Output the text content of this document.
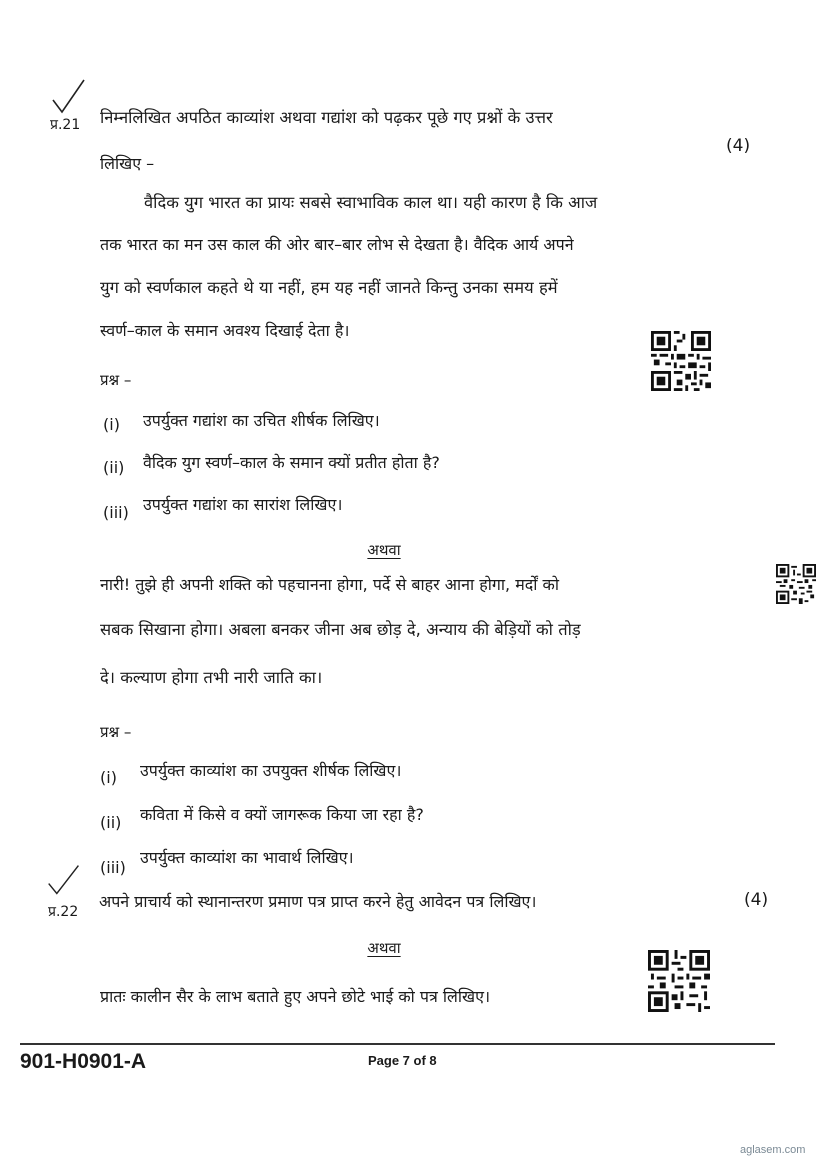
प्र.21 निम्नलिखित अपठित काव्यांश अथवा गद्यांश को पढ़कर पूछे गए प्रश्नों के उत्तर
लिखिए –
(4)
वैदिक युग भारत का प्रायः सबसे स्वाभाविक काल था। यही कारण है कि आज
तक भारत का मन उस काल की ओर बार–बार लोभ से देखता है। वैदिक आर्य अपने
युग को स्वर्णकाल कहते थे या नहीं, हम यह नहीं जानते किन्तु उनका समय हमें
स्वर्ण–काल के समान अवश्य दिखाई देता है।
प्रश्न –
(i) उपर्युक्त गद्यांश का उचित शीर्षक लिखिए।
(ii) वैदिक युग स्वर्ण–काल के समान क्यों प्रतीत होता है?
(iii) उपर्युक्त गद्यांश का सारांश लिखिए।
अथवा
नारी! तुझे ही अपनी शक्ति को पहचानना होगा, पर्दे से बाहर आना होगा, मर्दों को
सबक सिखाना होगा। अबला बनकर जीना अब छोड़ दे, अन्याय की बेड़ियों को तोड़
दे। कल्याण होगा तभी नारी जाति का।
प्रश्न –
(i) उपर्युक्त काव्यांश का उपयुक्त शीर्षक लिखिए।
(ii) कविता में किसे व क्यों जागरूक किया जा रहा है?
(iii)
उपर्युक्त काव्यांश का भावार्थ लिखिए।
प्र.22
अपने प्राचार्य को स्थानान्तरण प्रमाण पत्र प्राप्त करने हेतु आवेदन पत्र लिखिए।	(4)
अथवा
प्रातः कालीन सैर के लाभ बताते हुए अपने छोटे भाई को पत्र लिखिए।
901-H0901-A	Page 7 of 8
aglasem.com
